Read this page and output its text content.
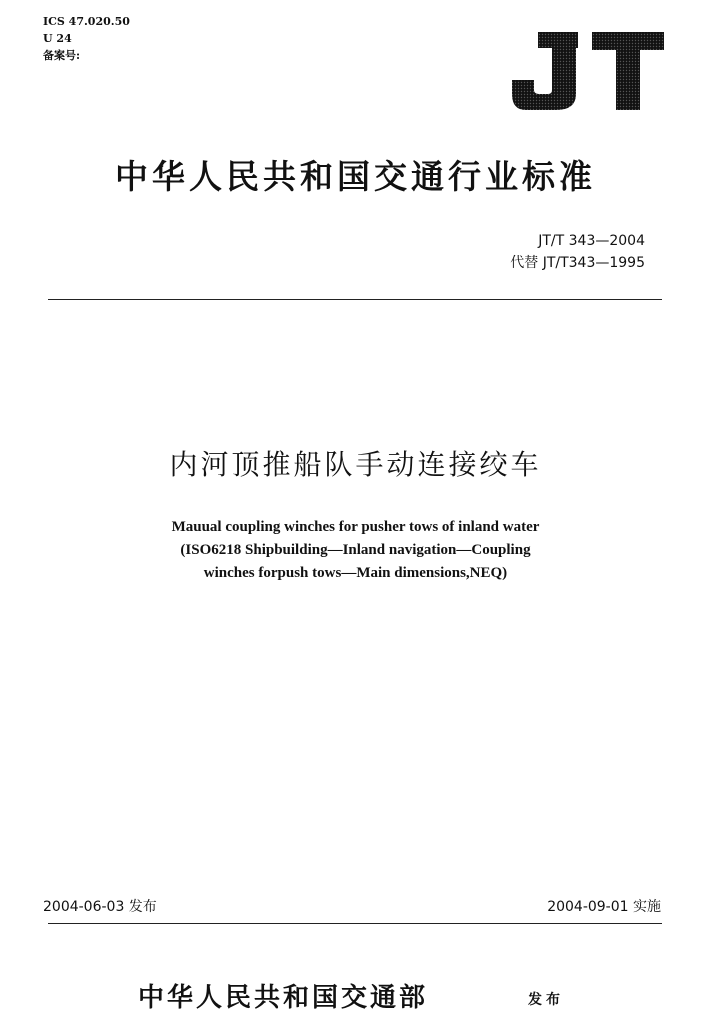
ICS 47.020.50
U 24
备案号:
中华人民共和国交通行业标准
JT/T 343—2004
代替 JT/T343—1995
内河顶推船队手动连接绞车
Mauual coupling winches for pusher tows of inland water
(ISO6218 Shipbuilding—Inland navigation—Coupling
winches forpush tows—Main dimensions,NEQ)
2004-06-03 发布	2004-09-01 实施
中华人民共和国交通部	发布
